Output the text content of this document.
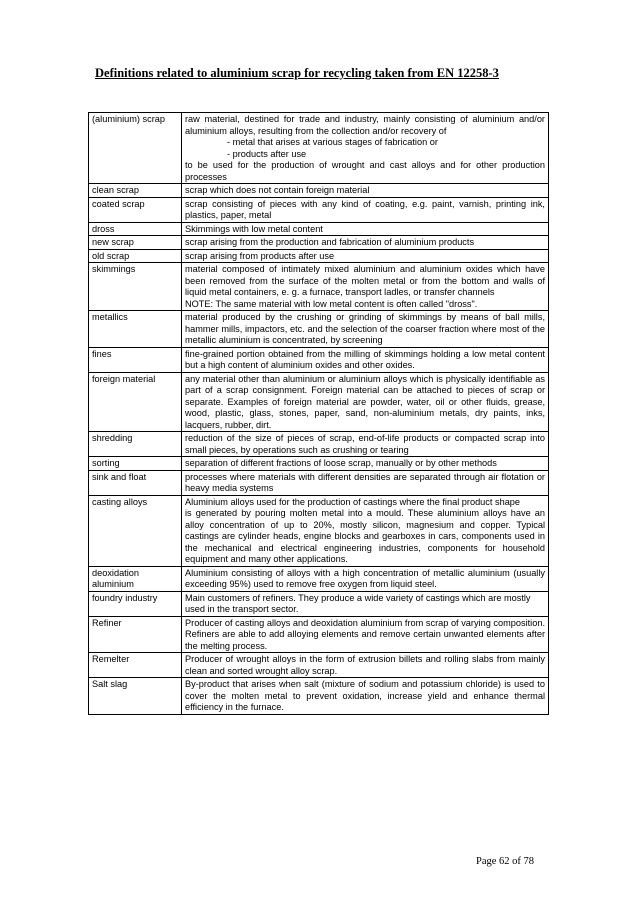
Definitions related to aluminium scrap for recycling taken from EN 12258-3
(aluminium) scrap	raw material, destined for trade and industry, mainly consisting of aluminium and/or aluminium alloys, resulting from the collection and/or recovery of
- metal that arises at various stages of fabrication or
- products after use
to be used for the production of wrought and cast alloys and for other production processes

clean scrap	scrap which does not contain foreign material
coated scrap	scrap consisting of pieces with any kind of coating, e.g. paint, varnish, printing ink, plastics, paper, metal
dross	Skimmings with low metal content
new scrap	scrap arising from the production and fabrication of aluminium products
old scrap	scrap arising from products after use
skimmings	material composed of intimately mixed aluminium and aluminium oxides which have been removed from the surface of the molten metal or from the bottom and walls of liquid metal containers, e. g. a furnace, transport ladles, or transfer channels
NOTE: The same material with low metal content is often called "dross".

metallics	material produced by the crushing or grinding of skimmings by means of ball mills, hammer mills, impactors, etc. and the selection of the coarser fraction where most of the metallic aluminium is concentrated, by screening
fines	fine-grained portion obtained from the milling of skimmings holding a low metal content but a high content of aluminium oxides and other oxides.
foreign material	any material other than aluminium or aluminium alloys which is physically identifiable as part of a scrap consignment. Foreign material can be attached to pieces of scrap or separate. Examples of foreign material are powder, water, oil or other fluids, grease, wood, plastic, glass, stones, paper, sand, non-aluminium metals, dry paints, inks, lacquers, rubber, dirt.
shredding	reduction of the size of pieces of scrap, end-of-life products or compacted scrap into small pieces, by operations such as crushing or tearing
sorting	separation of different fractions of loose scrap, manually or by other methods
sink and float	processes where materials with different densities are separated through air flotation or heavy media systems
casting alloys	Aluminium alloys used for the production of castings where the final product shape
is generated by pouring molten metal into a mould. These aluminium alloys have an alloy concentration of up to 20%, mostly silicon, magnesium and copper. Typical castings are cylinder heads, engine blocks and gearboxes in cars, components used in the mechanical and electrical engineering industries, components for household equipment and many other applications.

deoxidation aluminium	Aluminium consisting of alloys with a high concentration of metallic aluminium (usually exceeding 95%) used to remove free oxygen from liquid steel.
foundry industry	Main customers of refiners. They produce a wide variety of castings which are mostly
used in the transport sector.

Refiner	Producer of casting alloys and deoxidation aluminium from scrap of varying composition. Refiners are able to add alloying elements and remove certain unwanted elements after the melting process.
Remelter	Producer of wrought alloys in the form of extrusion billets and rolling slabs from mainly clean and sorted wrought alloy scrap.
Salt slag	By-product that arises when salt (mixture of sodium and potassium chloride) is used to cover the molten metal to prevent oxidation, increase yield and enhance thermal efficiency in the furnace.
Page 62 of 78
